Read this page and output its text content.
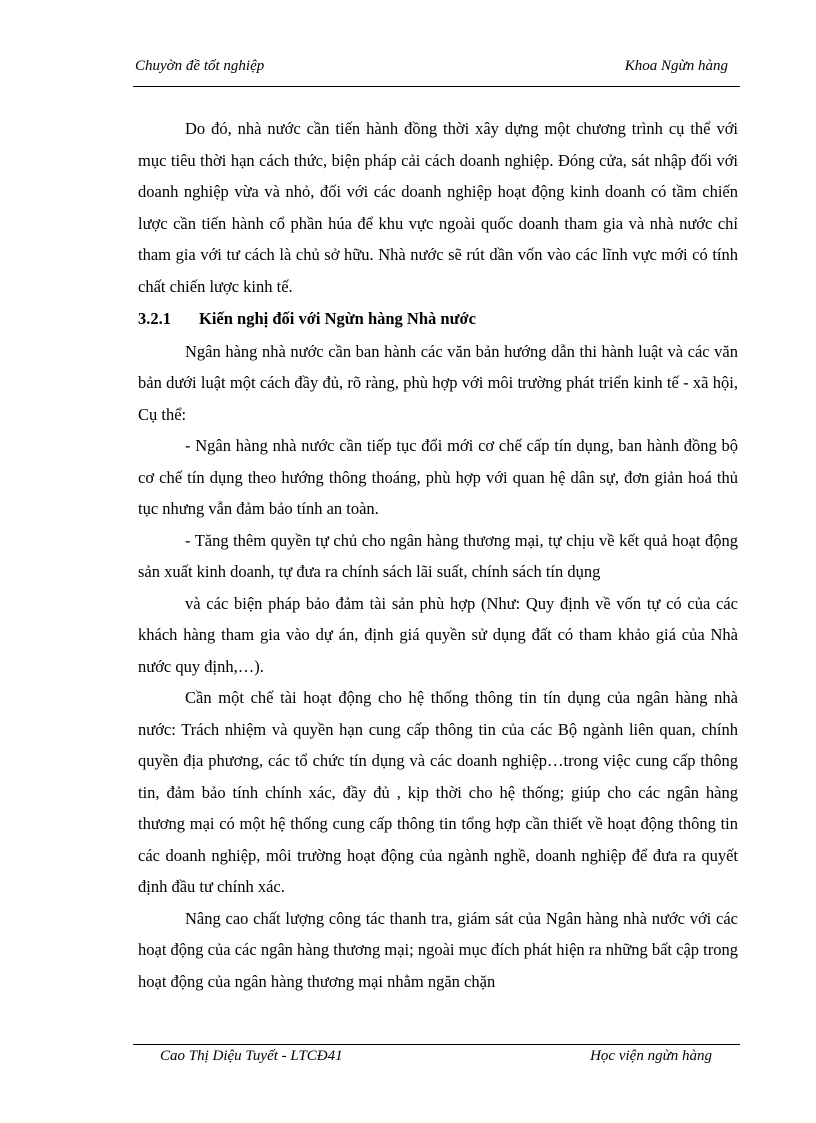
Chuyờn đề tốt nghiệp	Khoa Ngừn hàng

Do đó, nhà nước cần tiến hành đồng thời xây dựng một chương trình cụ thể với mục tiêu thời hạn cách thức, biện pháp cải cách doanh nghiệp. Đóng cửa, sát nhập đối với doanh nghiệp vừa và nhỏ, đối với các doanh nghiệp hoạt động kinh doanh có tầm chiến lược cần tiến hành cổ phần húa để khu vực ngoài quốc doanh tham gia và nhà nước chỉ tham gia với tư cách là chủ sở hữu. Nhà nước sẽ rút dần vốn vào các lĩnh vực mới có tính chất chiến lược kinh tế.

3.2.1 Kiến nghị đối với Ngừn hàng Nhà nước

Ngân hàng nhà nước cần ban hành các văn bản hướng dẫn thi hành luật và các văn bản dưới luật một cách đầy đủ, rõ ràng, phù hợp với môi trường phát triển kinh tế - xã hội, Cụ thể:

- Ngân hàng nhà nước cần tiếp tục đổi mới cơ chế cấp tín dụng, ban hành đồng bộ cơ chế tín dụng theo hướng thông thoáng, phù hợp với quan hệ dân sự, đơn giản hoá thủ tục nhưng vẫn đảm bảo tính an toàn.

- Tăng thêm quyền tự chủ cho ngân hàng thương mại, tự chịu về kết quả hoạt động sản xuất kinh doanh, tự đưa ra chính sách lãi suất, chính sách tín dụng

và các biện pháp bảo đảm tài sản phù hợp (Như: Quy định về vốn tự có của các khách hàng tham gia vào dự án, định giá quyền sử dụng đất có tham khảo giá của Nhà nước quy định,…).

Cần một chế tài hoạt động cho hệ thống thông tin tín dụng của ngân hàng nhà nước: Trách nhiệm và quyền hạn cung cấp thông tin của các Bộ ngành liên quan, chính quyền địa phương, các tổ chức tín dụng và các doanh nghiệp…trong việc cung cấp thông tin, đảm bảo tính chính xác, đầy đủ , kịp thời cho hệ thống; giúp cho các ngân hàng thương mại có một hệ thống cung cấp thông tin tổng hợp cần thiết về hoạt động thông tin các doanh nghiệp, môi trường hoạt động của ngành nghề, doanh nghiệp để đưa ra quyết định đầu tư chính xác.

Nâng cao chất lượng công tác thanh tra, giám sát của Ngân hàng nhà nước với các hoạt động của các ngân hàng thương mại; ngoài mục đích phát hiện ra những bất cập trong hoạt động của ngân hàng thương mại nhằm ngăn chặn

Cao Thị Diệu Tuyết - LTCĐ41	Học viện ngừn hàng
